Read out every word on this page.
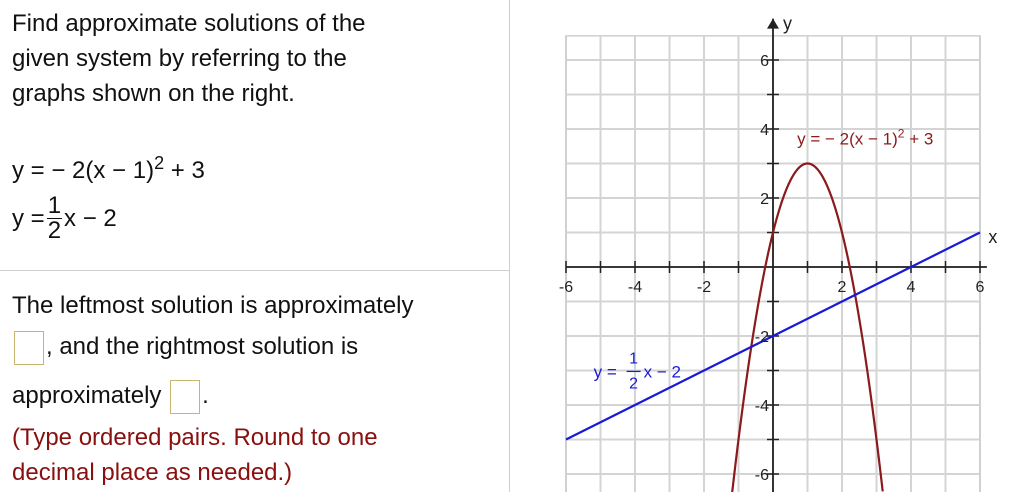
Find approximate solutions of the
given system by referring to the
graphs shown on the right.
y = − $2(x - 1)^2 + 3$
$y = \frac{1}{2}$ x − 2
The leftmost solution is approximately
, and the rightmost solution is
approximately .
(Type ordered pairs. Round to one
decimal place as needed.)
-6	-4	-2	2	4	6
6
4
2
-2
-4
-6
y
x
y = − $2(x - 1)^2 + 3$
y =
1
2
x − 2
